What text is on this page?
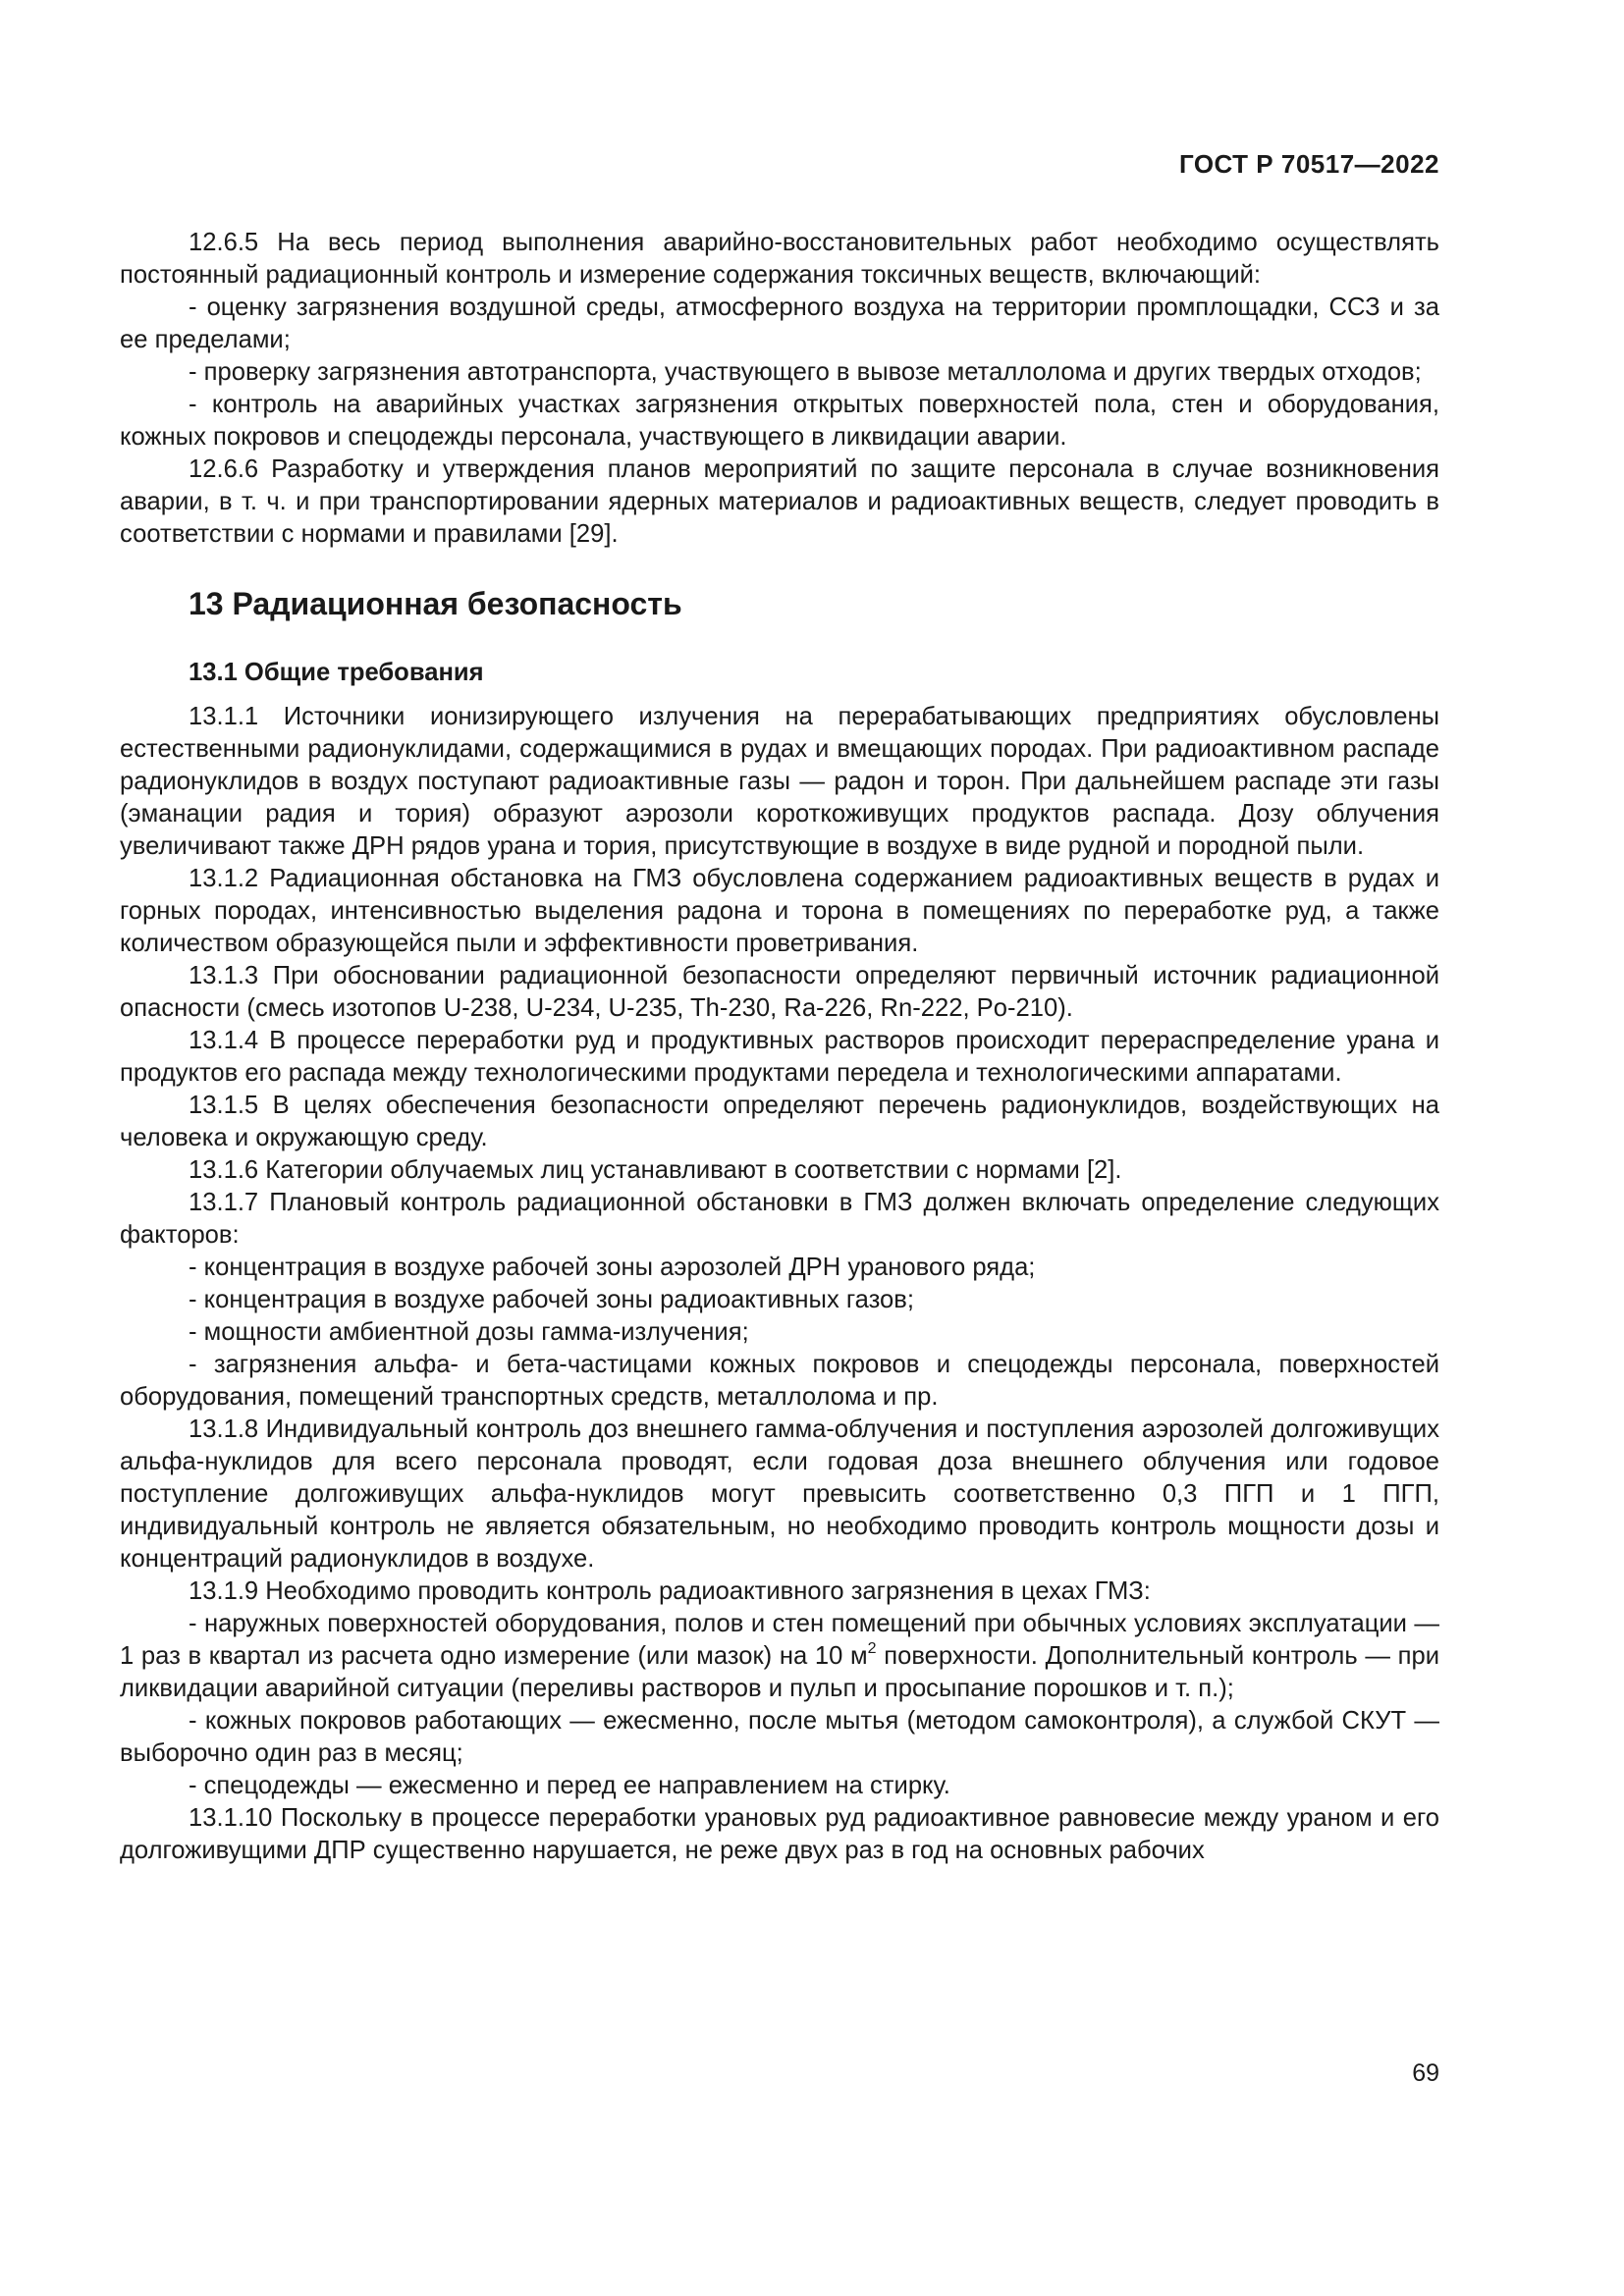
ГОСТ Р 70517—2022

12.6.5 На весь период выполнения аварийно-восстановительных работ необходимо осуществлять постоянный радиационный контроль и измерение содержания токсичных веществ, включающий:

- оценку загрязнения воздушной среды, атмосферного воздуха на территории промплощадки, ССЗ и за ее пределами;

- проверку загрязнения автотранспорта, участвующего в вывозе металлолома и других твердых отходов;

- контроль на аварийных участках загрязнения открытых поверхностей пола, стен и оборудования, кожных покровов и спецодежды персонала, участвующего в ликвидации аварии.

12.6.6 Разработку и утверждения планов мероприятий по защите персонала в случае возникновения аварии, в т. ч. и при транспортировании ядерных материалов и радиоактивных веществ, следует проводить в соответствии с нормами и правилами [29].

13 Радиационная безопасность
13.1 Общие требования

13.1.1 Источники ионизирующего излучения на перерабатывающих предприятиях обусловлены естественными радионуклидами, содержащимися в рудах и вмещающих породах. При радиоактивном распаде радионуклидов в воздух поступают радиоактивные газы — радон и торон. При дальнейшем распаде эти газы (эманации радия и тория) образуют аэрозоли короткоживущих продуктов распада. Дозу облучения увеличивают также ДРН рядов урана и тория, присутствующие в воздухе в виде рудной и породной пыли.

13.1.2 Радиационная обстановка на ГМЗ обусловлена содержанием радиоактивных веществ в рудах и горных породах, интенсивностью выделения радона и торона в помещениях по переработке руд, а также количеством образующейся пыли и эффективности проветривания.

13.1.3 При обосновании радиационной безопасности определяют первичный источник радиационной опасности (смесь изотопов U-238, U-234, U-235, Th-230, Ra-226, Rn-222, Po-210).

13.1.4 В процессе переработки руд и продуктивных растворов происходит перераспределение урана и продуктов его распада между технологическими продуктами передела и технологическими аппаратами.

13.1.5 В целях обеспечения безопасности определяют перечень радионуклидов, воздействующих на человека и окружающую среду.

13.1.6 Категории облучаемых лиц устанавливают в соответствии с нормами [2].

13.1.7 Плановый контроль радиационной обстановки в ГМЗ должен включать определение следующих факторов:

- концентрация в воздухе рабочей зоны аэрозолей ДРН уранового ряда;

- концентрация в воздухе рабочей зоны радиоактивных газов;

- мощности амбиентной дозы гамма-излучения;

- загрязнения альфа- и бета-частицами кожных покровов и спецодежды персонала, поверхностей оборудования, помещений транспортных средств, металлолома и пр.

13.1.8 Индивидуальный контроль доз внешнего гамма-облучения и поступления аэрозолей долгоживущих альфа-нуклидов для всего персонала проводят, если годовая доза внешнего облучения или годовое поступление долгоживущих альфа-нуклидов могут превысить соответственно 0,3 ПГП и 1 ПГП, индивидуальный контроль не является обязательным, но необходимо проводить контроль мощности дозы и концентраций радионуклидов в воздухе.

13.1.9 Необходимо проводить контроль радиоактивного загрязнения в цехах ГМЗ:

- наружных поверхностей оборудования, полов и стен помещений при обычных условиях эксплуатации — 1 раз в квартал из расчета одно измерение (или мазок) на 10 $м^2$ поверхности. Дополнительный контроль — при ликвидации аварийной ситуации (переливы растворов и пульп и просыпание порошков и т. п.);

- кожных покровов работающих — ежесменно, после мытья (методом самоконтроля), а службой СКУТ — выборочно один раз в месяц;

- спецодежды — ежесменно и перед ее направлением на стирку.

13.1.10 Поскольку в процессе переработки урановых руд радиоактивное равновесие между ураном и его долгоживущими ДПР существенно нарушается, не реже двух раз в год на основных рабочих

69
